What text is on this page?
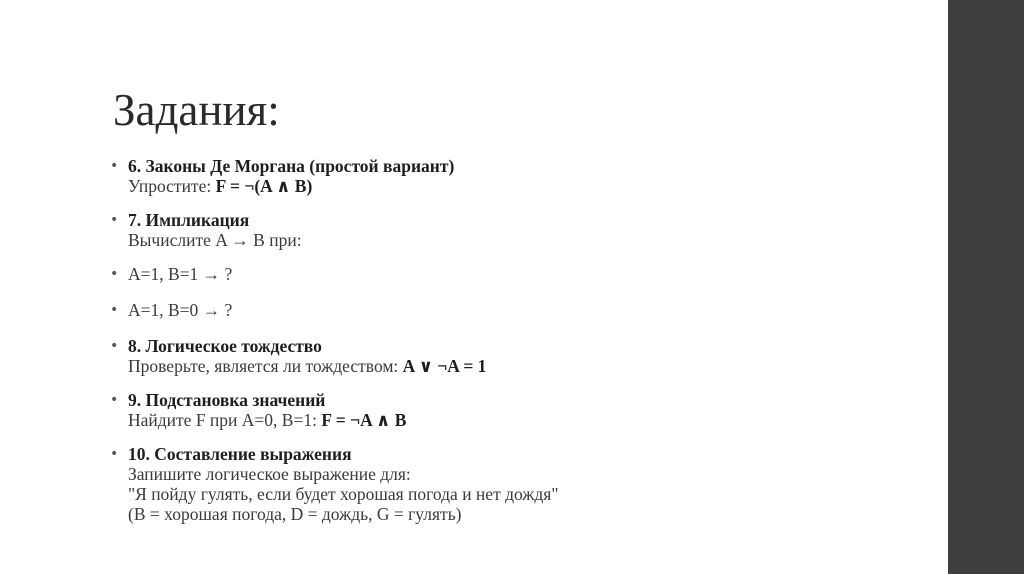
Задания:
• 6. Законы Де Моргана (простой вариант)
Упростите: F = ¬(A ∧ B)
• 7. Импликация
Вычислите A → B при:
• A=1, B=1 → ?
• A=1, B=0 → ?
• 8. Логическое тождество
Проверьте, является ли тождеством: A ∨ ¬A = 1
• 9. Подстановка значений
Найдите F при A=0, B=1: F = ¬A ∧ B
• 10. Составление выражения
Запишите логическое выражение для:
"Я пойду гулять, если будет хорошая погода и нет дождя"
(B = хорошая погода, D = дождь, G = гулять)
